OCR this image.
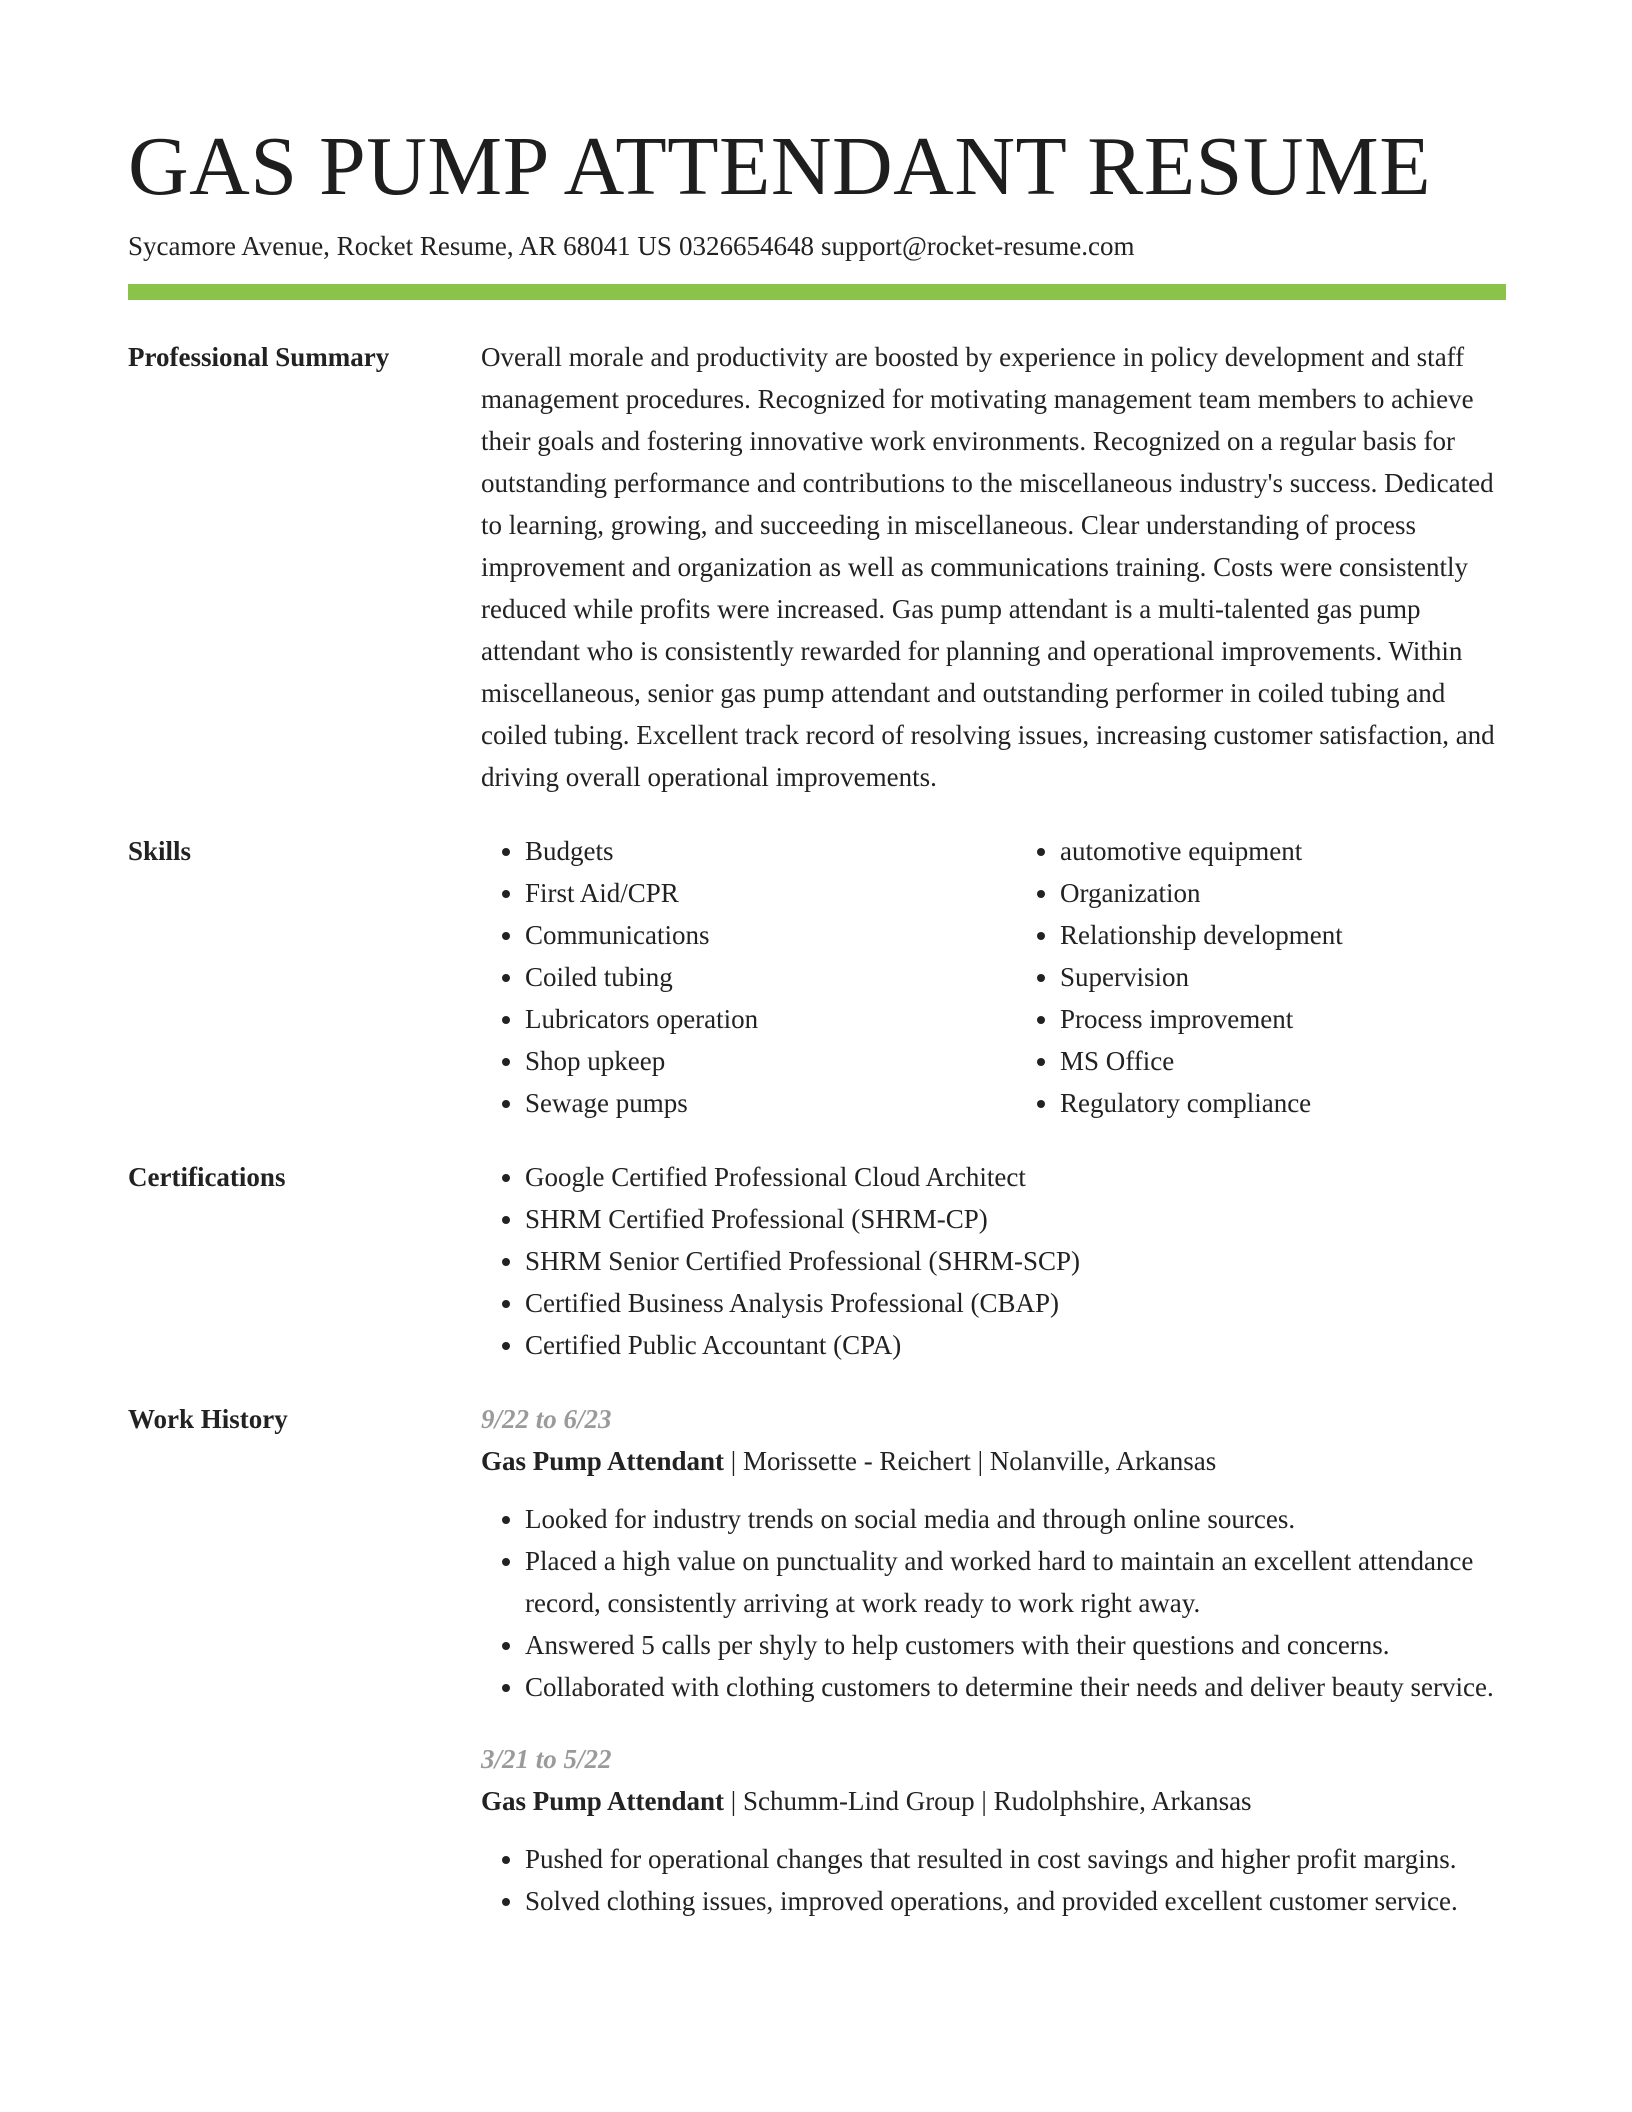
GAS PUMP ATTENDANT RESUME
Sycamore Avenue, Rocket Resume, AR 68041 US 0326654648 support@rocket-resume.com
Professional Summary	Overall morale and productivity are boosted by experience in policy development and staff management procedures. Recognized for motivating management team members to achieve their goals and fostering innovative work environments. Recognized on a regular basis for outstanding performance and contributions to the miscellaneous industry's success. Dedicated to learning, growing, and succeeding in miscellaneous. Clear understanding of process improvement and organization as well as communications training. Costs were consistently reduced while profits were increased. Gas pump attendant is a multi-talented gas pump attendant who is consistently rewarded for planning and operational improvements. Within miscellaneous, senior gas pump attendant and outstanding performer in coiled tubing and coiled tubing. Excellent track record of resolving issues, increasing customer satisfaction, and driving overall operational improvements.

Skills	• Budgets
• First Aid/CPR
• Communications
• Coiled tubing
• Lubricators operation
• Shop upkeep
• Sewage pumps
• automotive equipment
• Organization
• Relationship development
• Supervision
• Process improvement
• MS Office
• Regulatory compliance
Certifications	• Google Certified Professional Cloud Architect
• SHRM Certified Professional (SHRM-CP)
• SHRM Senior Certified Professional (SHRM-SCP)
• Certified Business Analysis Professional (CBAP)
• Certified Public Accountant (CPA)
Work History	9/22 to 6/23
Gas Pump Attendant | Morissette - Reichert | Nolanville, Arkansas
• Looked for industry trends on social media and through online sources.
• Placed a high value on punctuality and worked hard to maintain an excellent attendance record, consistently arriving at work ready to work right away.
• Answered 5 calls per shyly to help customers with their questions and concerns.
• Collaborated with clothing customers to determine their needs and deliver beauty service.
3/21 to 5/22
Gas Pump Attendant | Schumm-Lind Group | Rudolphshire, Arkansas
• Pushed for operational changes that resulted in cost savings and higher profit margins.
• Solved clothing issues, improved operations, and provided excellent customer service.
